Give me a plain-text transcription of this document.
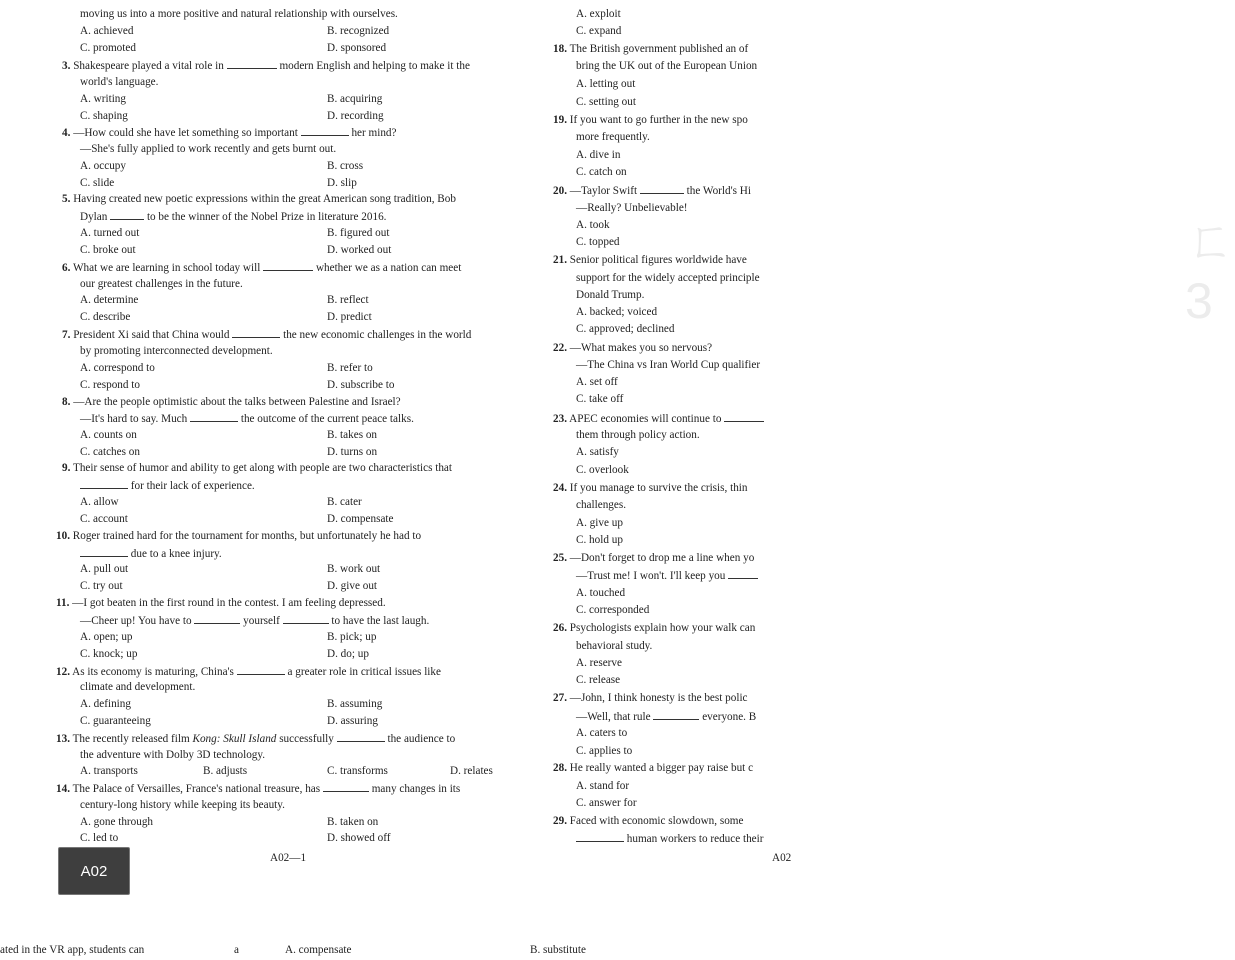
moving us into a more positive and natural relationship with ourselves.
A. achieved	B. recognized
C. promoted	D. sponsored
3. Shakespeare played a vital role in	modern English and helping to make it the
world's language.
A. writing	B. acquiring
C. shaping	D. recording
4. —How could she have let something so important	her mind?
—She's fully applied to work recently and gets burnt out.
A. occupy	B. cross
C. slide	D. slip
5. Having created new poetic expressions within the great American song tradition, Bob
Dylan	to be the winner of the Nobel Prize in literature 2016.
A. turned out	B. figured out
C. broke out	D. worked out
6. What we are learning in school today will	whether we as a nation can meet
our greatest challenges in the future.
A. determine	B. reflect
C. describe	D. predict
7. President Xi said that China would	the new economic challenges in the world
by promoting interconnected development.
A. correspond to	B. refer to
C. respond to	D. subscribe to
8. —Are the people optimistic about the talks between Palestine and Israel?
—It's hard to say. Much	the outcome of the current peace talks.
A. counts on	B. takes on
C. catches on	D. turns on
9. Their sense of humor and ability to get along with people are two characteristics that
for their lack of experience.
A. allow	B. cater
C. account	D. compensate
10. Roger trained hard for the tournament for months, but unfortunately he had to
due to a knee injury.
A. pull out	B. work out
C. try out	D. give out
11. —I got beaten in the first round in the contest. I am feeling depressed.
—Cheer up! You have to	yourself	to have the last laugh.
A. open; up	B. pick; up
C. knock; up	D. do; up
12. As its economy is maturing, China's	a greater role in critical issues like
climate and development.
A. defining	B. assuming
C. guaranteeing	D. assuring
13. The recently released film Kong: Skull Island successfully	the audience to
the adventure with Dolby 3D technology.
A. transports	B. adjusts	C. transforms	D. relates
14. The Palace of Versailles, France's national treasure, has	many changes in its
century-long history while keeping its beauty.
A. gone through	B. taken on
C. led to	D. showed off
ㄈ3
A. exploit
C. expand
18. The British government published an of
bring the UK out of the European Union
A. letting out
C. setting out
19. If you want to go further in the new spo
more frequently.
A. dive in
C. catch on
20. —Taylor Swift	the World's Hi
—Really? Unbelievable!
A. took
C. topped
21. Senior political figures worldwide have
support for the widely accepted principle
Donald Trump.
A. backed; voiced
C. approved; declined
22. —What makes you so nervous?
—The China vs Iran World Cup qualifier
A. set off
C. take off
23. APEC economies will continue to
them through policy action.
A. satisfy
C. overlook
24. If you manage to survive the crisis, thin
challenges.
A. give up
C. hold up
25. —Don't forget to drop me a line when yo
—Trust me! I won't. I'll keep you
A. touched
C. corresponded
26. Psychologists explain how your walk can
behavioral study.
A. reserve
C. release
27. —John, I think honesty is the best polic
—Well, that rule	everyone. B
A. caters to
C. applies to
28. He really wanted a bigger pay raise but c
A. stand for
C. answer for
29. Faced with economic slowdown, some
human workers to reduce their
A02—1	A02
A02
ated in the VR app, students can	a	A. compensate	B. substitute
